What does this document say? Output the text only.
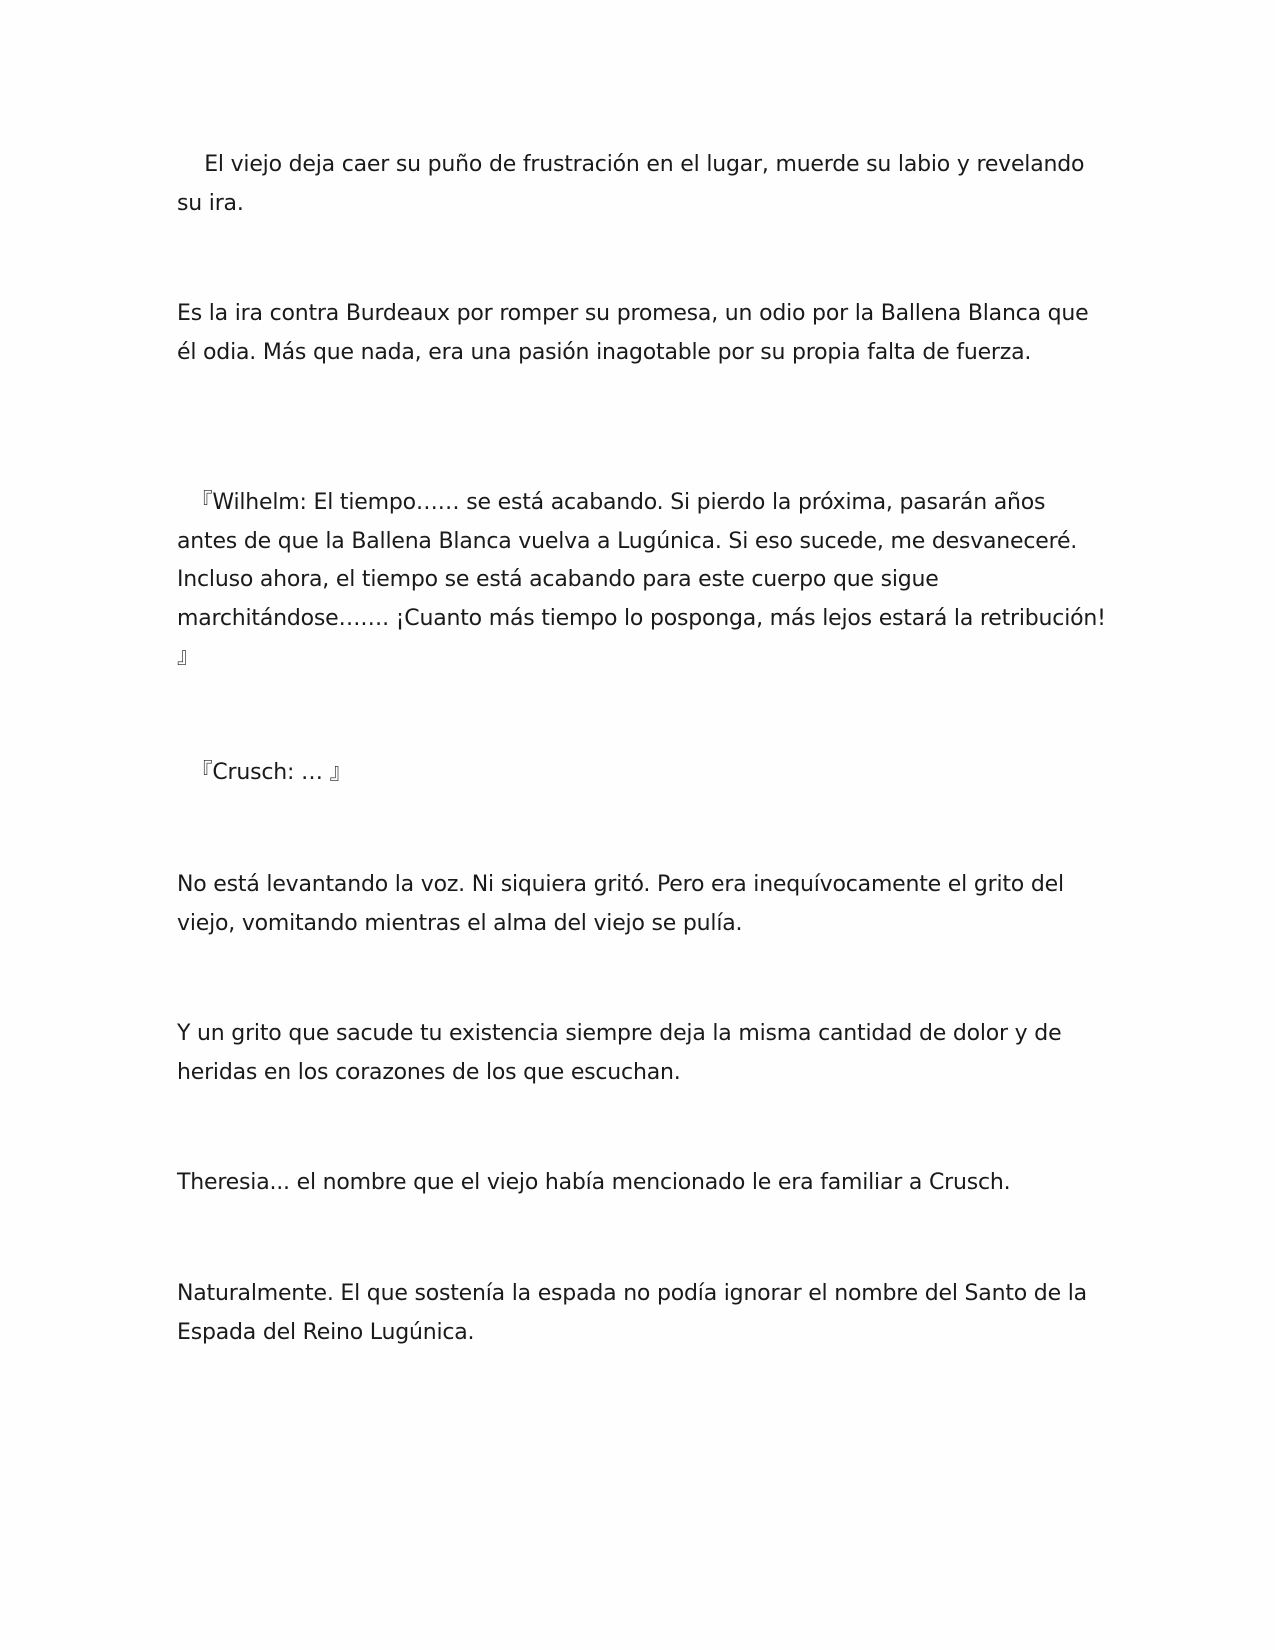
El viejo deja caer su puño de frustración en el lugar, muerde su labio y revelando su ira.

Es la ira contra Burdeaux por romper su promesa, un odio por la Ballena Blanca que él odia. Más que nada, era una pasión inagotable por su propia falta de fuerza.

『Wilhelm: El tiempo…… se está acabando. Si pierdo la próxima, pasarán años antes de que la Ballena Blanca vuelva a Lugúnica. Si eso sucede, me desvaneceré. Incluso ahora, el tiempo se está acabando para este cuerpo que sigue marchitándose……. ¡Cuanto más tiempo lo posponga, más lejos estará la retribución! 』

『Crusch: … 』

No está levantando la voz. Ni siquiera gritó. Pero era inequívocamente el grito del viejo, vomitando mientras el alma del viejo se pulía.

Y un grito que sacude tu existencia siempre deja la misma cantidad de dolor y de heridas en los corazones de los que escuchan.

Theresia... el nombre que el viejo había mencionado le era familiar a Crusch.

Naturalmente. El que sostenía la espada no podía ignorar el nombre del Santo de la Espada del Reino Lugúnica.
